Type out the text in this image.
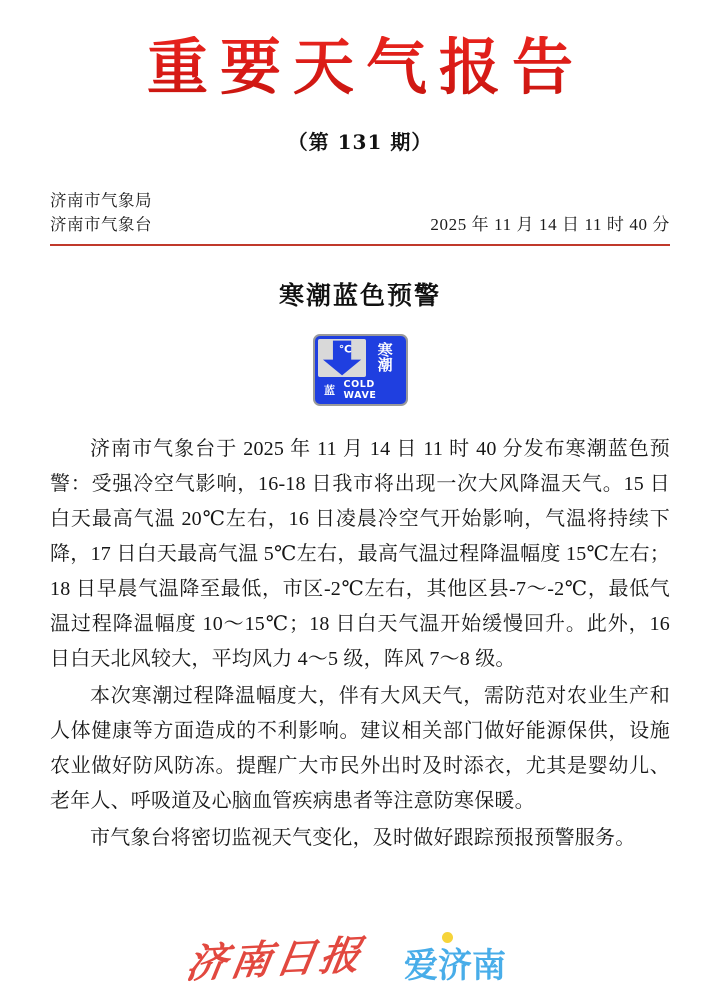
重要天气报告
（第 131 期）
济南市气象局
济南市气象台	2025 年 11 月 14 日 11 时 40 分
寒潮蓝色预警
℃ 寒
潮
蓝 COLD WAVE

济南市气象台于 2025 年 11 月 14 日 11 时 40 分发布寒潮蓝色预警：受强冷空气影响，16-18 日我市将出现一次大风降温天气。15 日白天最高气温 20℃左右，16 日凌晨冷空气开始影响，气温将持续下降，17 日白天最高气温 5℃左右，最高气温过程降温幅度 15℃左右；18 日早晨气温降至最低，市区-2℃左右，其他区县-7～-2℃，最低气温过程降温幅度 10～15℃；18 日白天气温开始缓慢回升。此外，16 日白天北风较大，平均风力 4～5 级，阵风 7～8 级。

本次寒潮过程降温幅度大，伴有大风天气，需防范对农业生产和人体健康等方面造成的不利影响。建议相关部门做好能源保供，设施农业做好防风防冻。提醒广大市民外出时及时添衣，尤其是婴幼儿、老年人、呼吸道及心脑血管疾病患者等注意防寒保暖。

市气象台将密切监视天气变化，及时做好跟踪预报预警服务。

济南日报 爱济南
